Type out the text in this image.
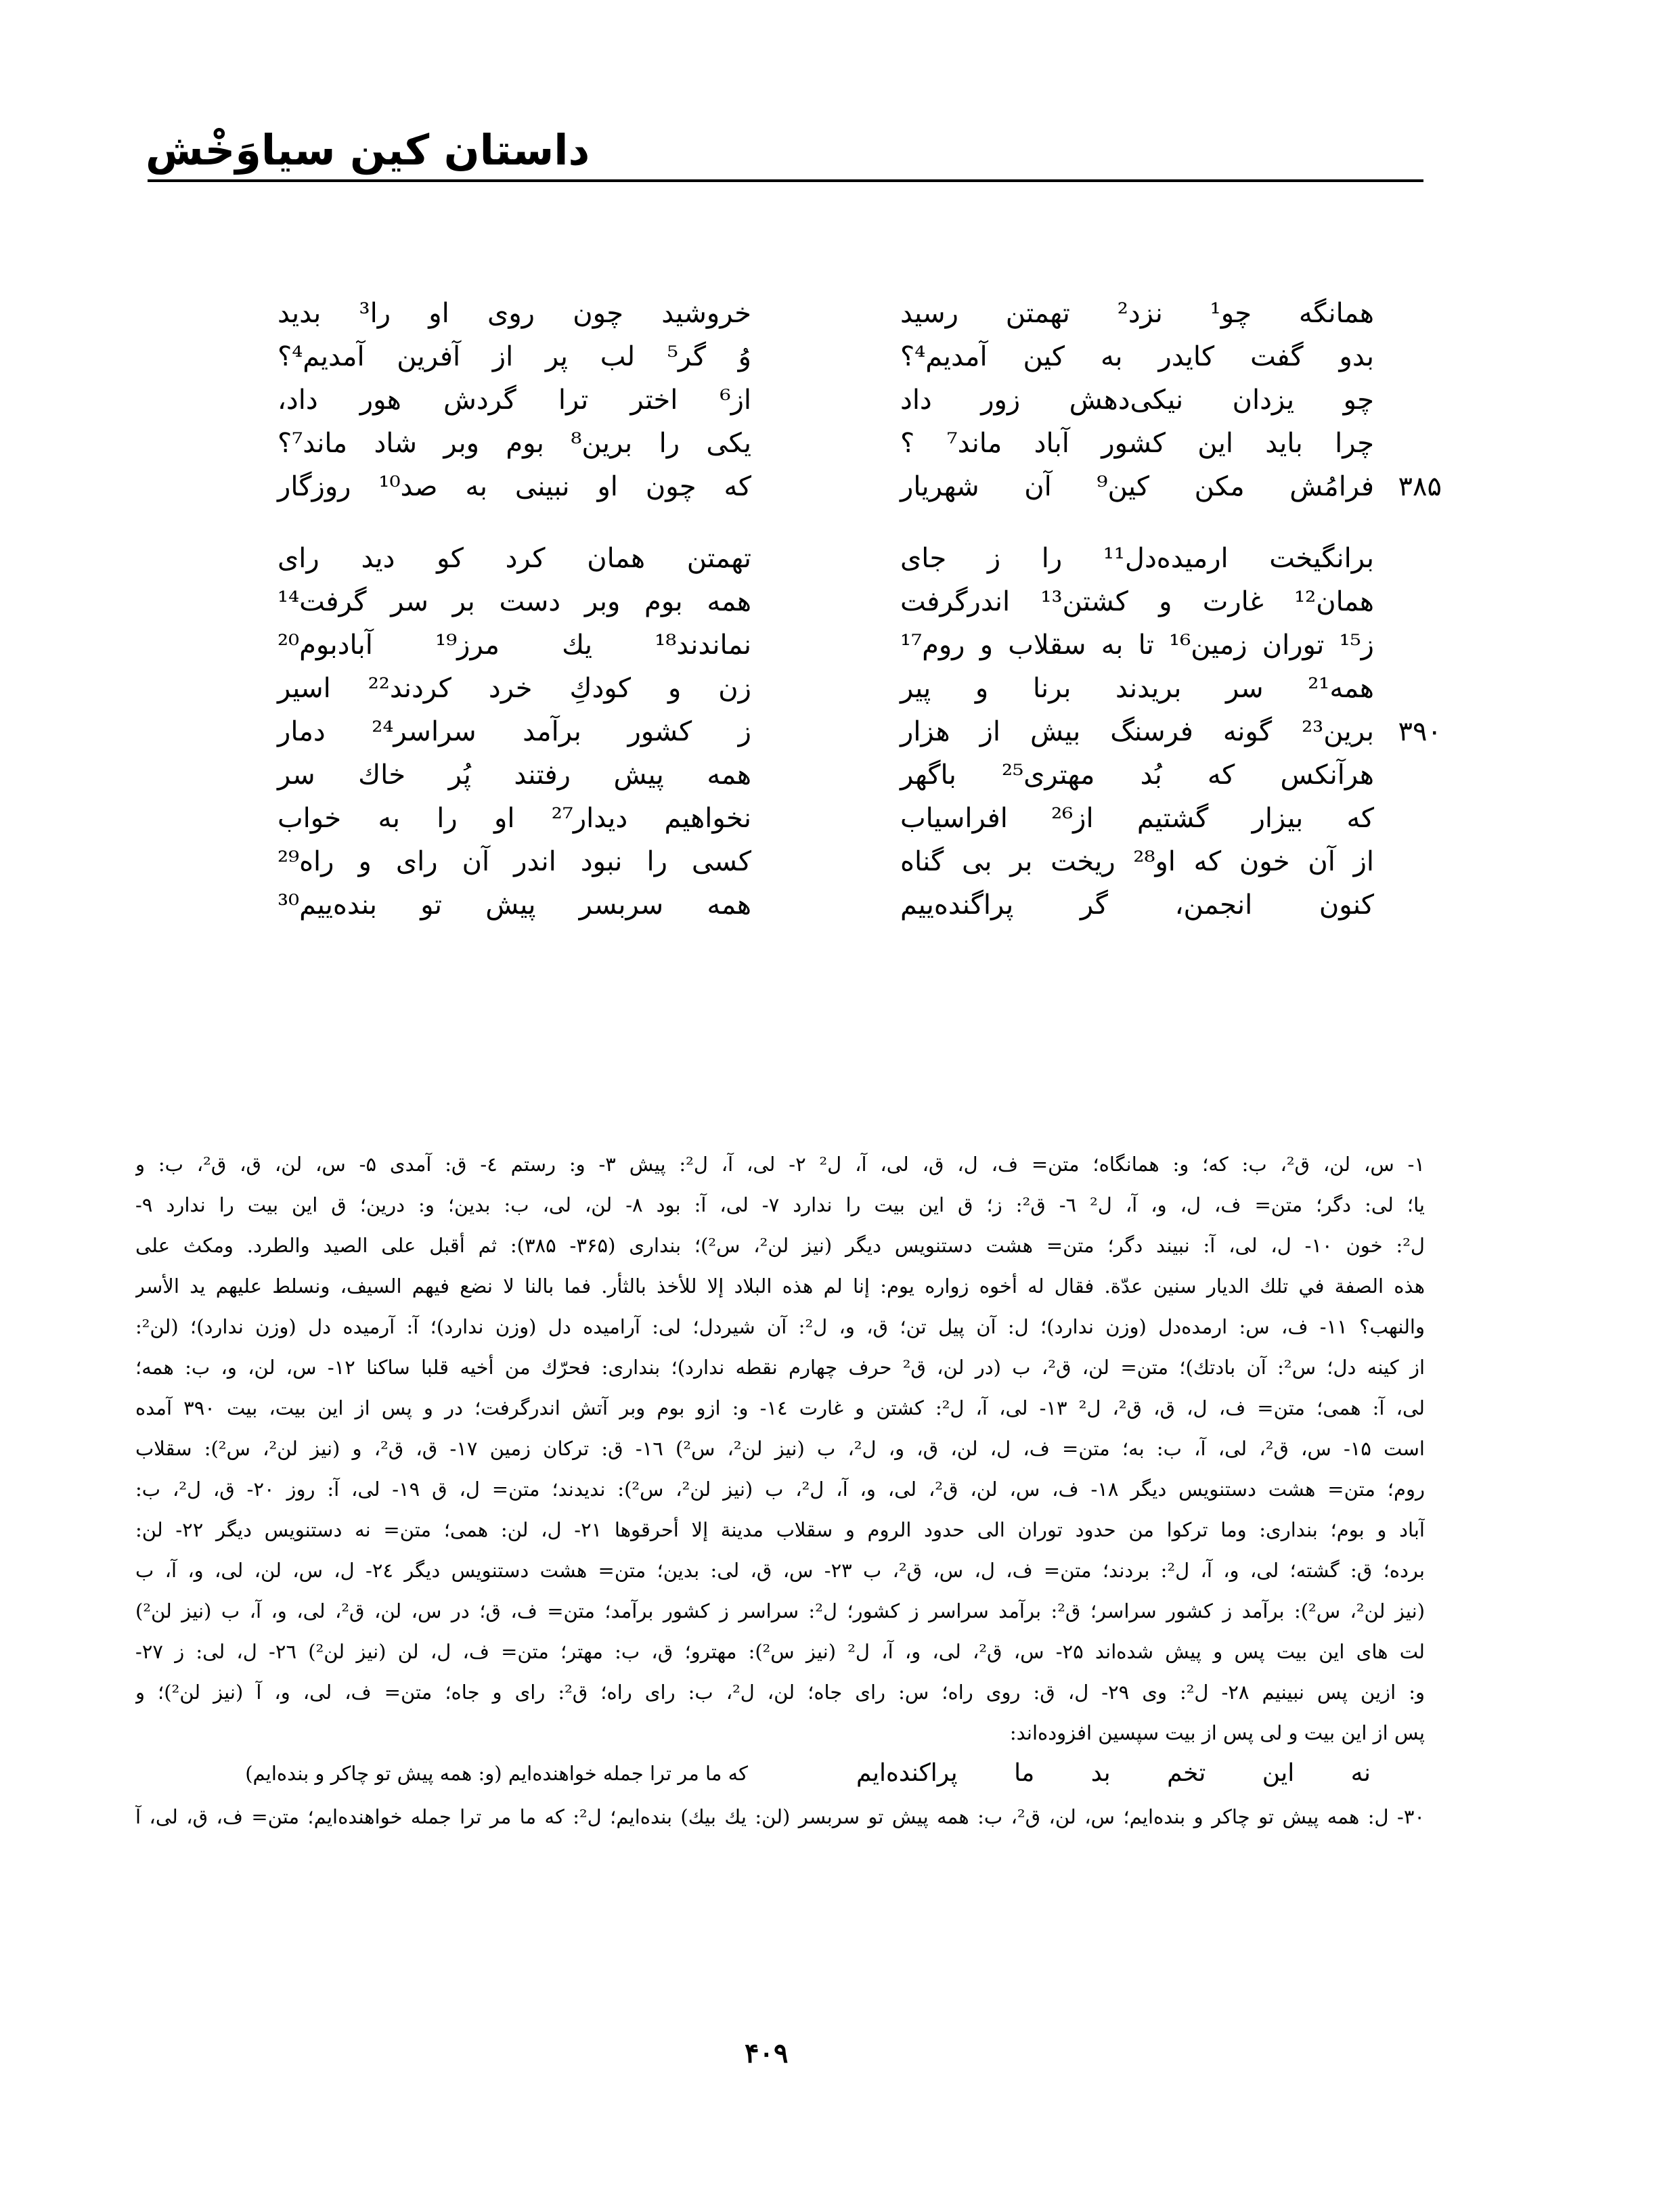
داستان کین سیاوَخْش
همانگه چو¹ نزد² تهمتن رسید
خروشید چون روی او را³ بدید
بدو گفت کایدر به کین آمدیم⁴؟
وُ گر⁵ لب پر از آفرین آمدیم⁴؟
چو یزدان نیکی‌دهش زور داد
از⁶ اختر ترا گردش هور داد،
چرا باید این کشور آباد ماند⁷ ؟
یکی را برین⁸ بوم وبر شاد ماند⁷؟
۳۸۵
فرامُش مکن کین⁹ آن شهریار
که چون او نبینی به صد¹⁰ روزگار
برانگیخت ارمیده‌دل¹¹ را ز جای
تهمتن همان کرد کو دید رای
همان¹² غارت و کشتن¹³ اندرگرفت
همه بوم وبر دست بر سر گرفت¹⁴
ز¹⁵ توران زمین¹⁶ تا به سقلاب و روم¹⁷
نماندند¹⁸ یك مرز¹⁹ آبادبوم²⁰
همه²¹ سر بریدند برنا و پیر
زن و کودكِ خرد کردند²² اسیر
۳۹۰
برین²³ گونه فرسنگ بیش از هزار
ز کشور برآمد سراسر²⁴ دمار
هرآنکس که بُد مهتری²⁵ باگهر
همه پیش رفتند پُر خاك سر
که بیزار گشتیم از²⁶ افراسیاب
نخواهیم دیدار²⁷ او را به خواب
از آن خون که او²⁸ ریخت بر بی گناه
کسی را نبود اندر آن رای و راه²⁹
کنون انجمن، گر پراگنده‌ییم
همه سربسر پیش تو بنده‌ییم³⁰
۱- س، لن، ق²، ب: که؛ و: همانگاه؛ متن= ف، ل، ق، لی، آ، ل² ۲- لی، آ، ل²: پیش ۳- و: رستم ٤- ق: آمدی ۵- س، لن، ق، ق²، ب: و
یا؛ لی: دگر؛ متن= ف، ل، و، آ، ل² ٦- ق²: ز؛ ق این بیت را ندارد ۷- لی، آ: بود ۸- لن، لی، ب: بدین؛ و: درین؛ ق این بیت را ندارد ۹-
ل²: خون ۱۰- ل، لی، آ: نبیند دگر؛ متن= هشت دستنویس دیگر (نیز لن²، س²)؛ بنداری (۳۶۵- ۳۸۵): ثم أقبل على الصيد والطرد. ومكث على
هذه الصفة في تلك الديار سنين عدّة. فقال له أخوه زواره يوم: إنا لم هذه البلاد إلا للأخذ بالثأر. فما بالنا لا نضع فيهم السيف، ونسلط عليهم يد الأسر
والنهب؟ ۱۱- ف، س: ارمده‌دل (وزن ندارد)؛ ل: آن پیل تن؛ ق، و، ل²: آن شیردل؛ لی: آرامیده دل (وزن ندارد)؛ آ: آرمیده دل (وزن ندارد)؛ (لن²:
از کینه دل؛ س²: آن بادتك)؛ متن= لن، ق²، ب (در لن، ق² حرف چهارم نقطه ندارد)؛ بنداری: فحرّك من أخيه قلبا ساكنا ۱۲- س، لن، و، ب: همه؛
لی، آ: همی؛ متن= ف، ل، ق، ق²، ل² ۱۳- لی، آ، ل²: کشتن و غارت ١٤- و: ازو بوم وبر آتش اندرگرفت؛ در و پس از این بیت، بیت ۳۹۰ آمده
است ۱۵- س، ق²، لی، آ، ب: به؛ متن= ف، ل، لن، ق، و، ل²، ب (نیز لن²، س²) ١٦- ق: ترکان زمین ۱۷- ق، ق²، و (نیز لن²، س²): سقلاب
روم؛ متن= هشت دستنویس دیگر ۱۸- ف، س، لن، ق²، لی، و، آ، ل²، ب (نیز لن²، س²): ندیدند؛ متن= ل، ق ۱۹- لی، آ: روز ۲۰- ق، ل²، ب:
آباد و بوم؛ بنداری: وما ترکوا من حدود توران الى حدود الروم و سقلاب مدينة إلا أحرقوها ۲۱- ل، لن: همی؛ متن= نه دستنویس دیگر ۲۲- لن:
برده؛ ق: گشته؛ لی، و، آ، ل²: بردند؛ متن= ف، ل، س، ق²، ب ۲۳- س، ق، لی: بدین؛ متن= هشت دستنویس دیگر ٢٤- ل، س، لن، لی، و، آ، ب
(نیز لن²، س²): برآمد ز کشور سراسر؛ ق²: برآمد سراسر ز کشور؛ ل²: سراسر ز کشور برآمد؛ متن= ف، ق؛ در س، لن، ق²، لی، و، آ، ب (نیز لن²)
لت های این بیت پس و پیش شده‌اند ۲۵- س، ق²، لی، و، آ، ل² (نیز س²): مهترو؛ ق، ب: مهتر؛ متن= ف، ل، لن (نیز لن²) ٢٦- ل، لی: ز ۲۷-
و: ازین پس نبینیم ۲۸- ل²: وی ۲۹- ل، ق: روی راه؛ س: رای جاه؛ لن، ل²، ب: رای راه؛ ق²: رای و جاه؛ متن= ف، لی، و، آ (نیز لن²)؛ و
پس از این بیت و لی پس از بیت سپسین افزوده‌اند:
نه این تخم بد ما پراکنده‌ایم
که ما مر ترا جمله خواهنده‌ایم (و: همه پیش تو چاکر و بنده‌ایم)
۳۰- ل: همه پیش تو چاکر و بنده‌ایم؛ س، لن، ق²، ب: همه پیش تو سربسر (لن: یك بیك) بنده‌ایم؛ ل²: که ما مر ترا جمله خواهنده‌ایم؛ متن= ف، ق، لی، آ
۴۰۹
